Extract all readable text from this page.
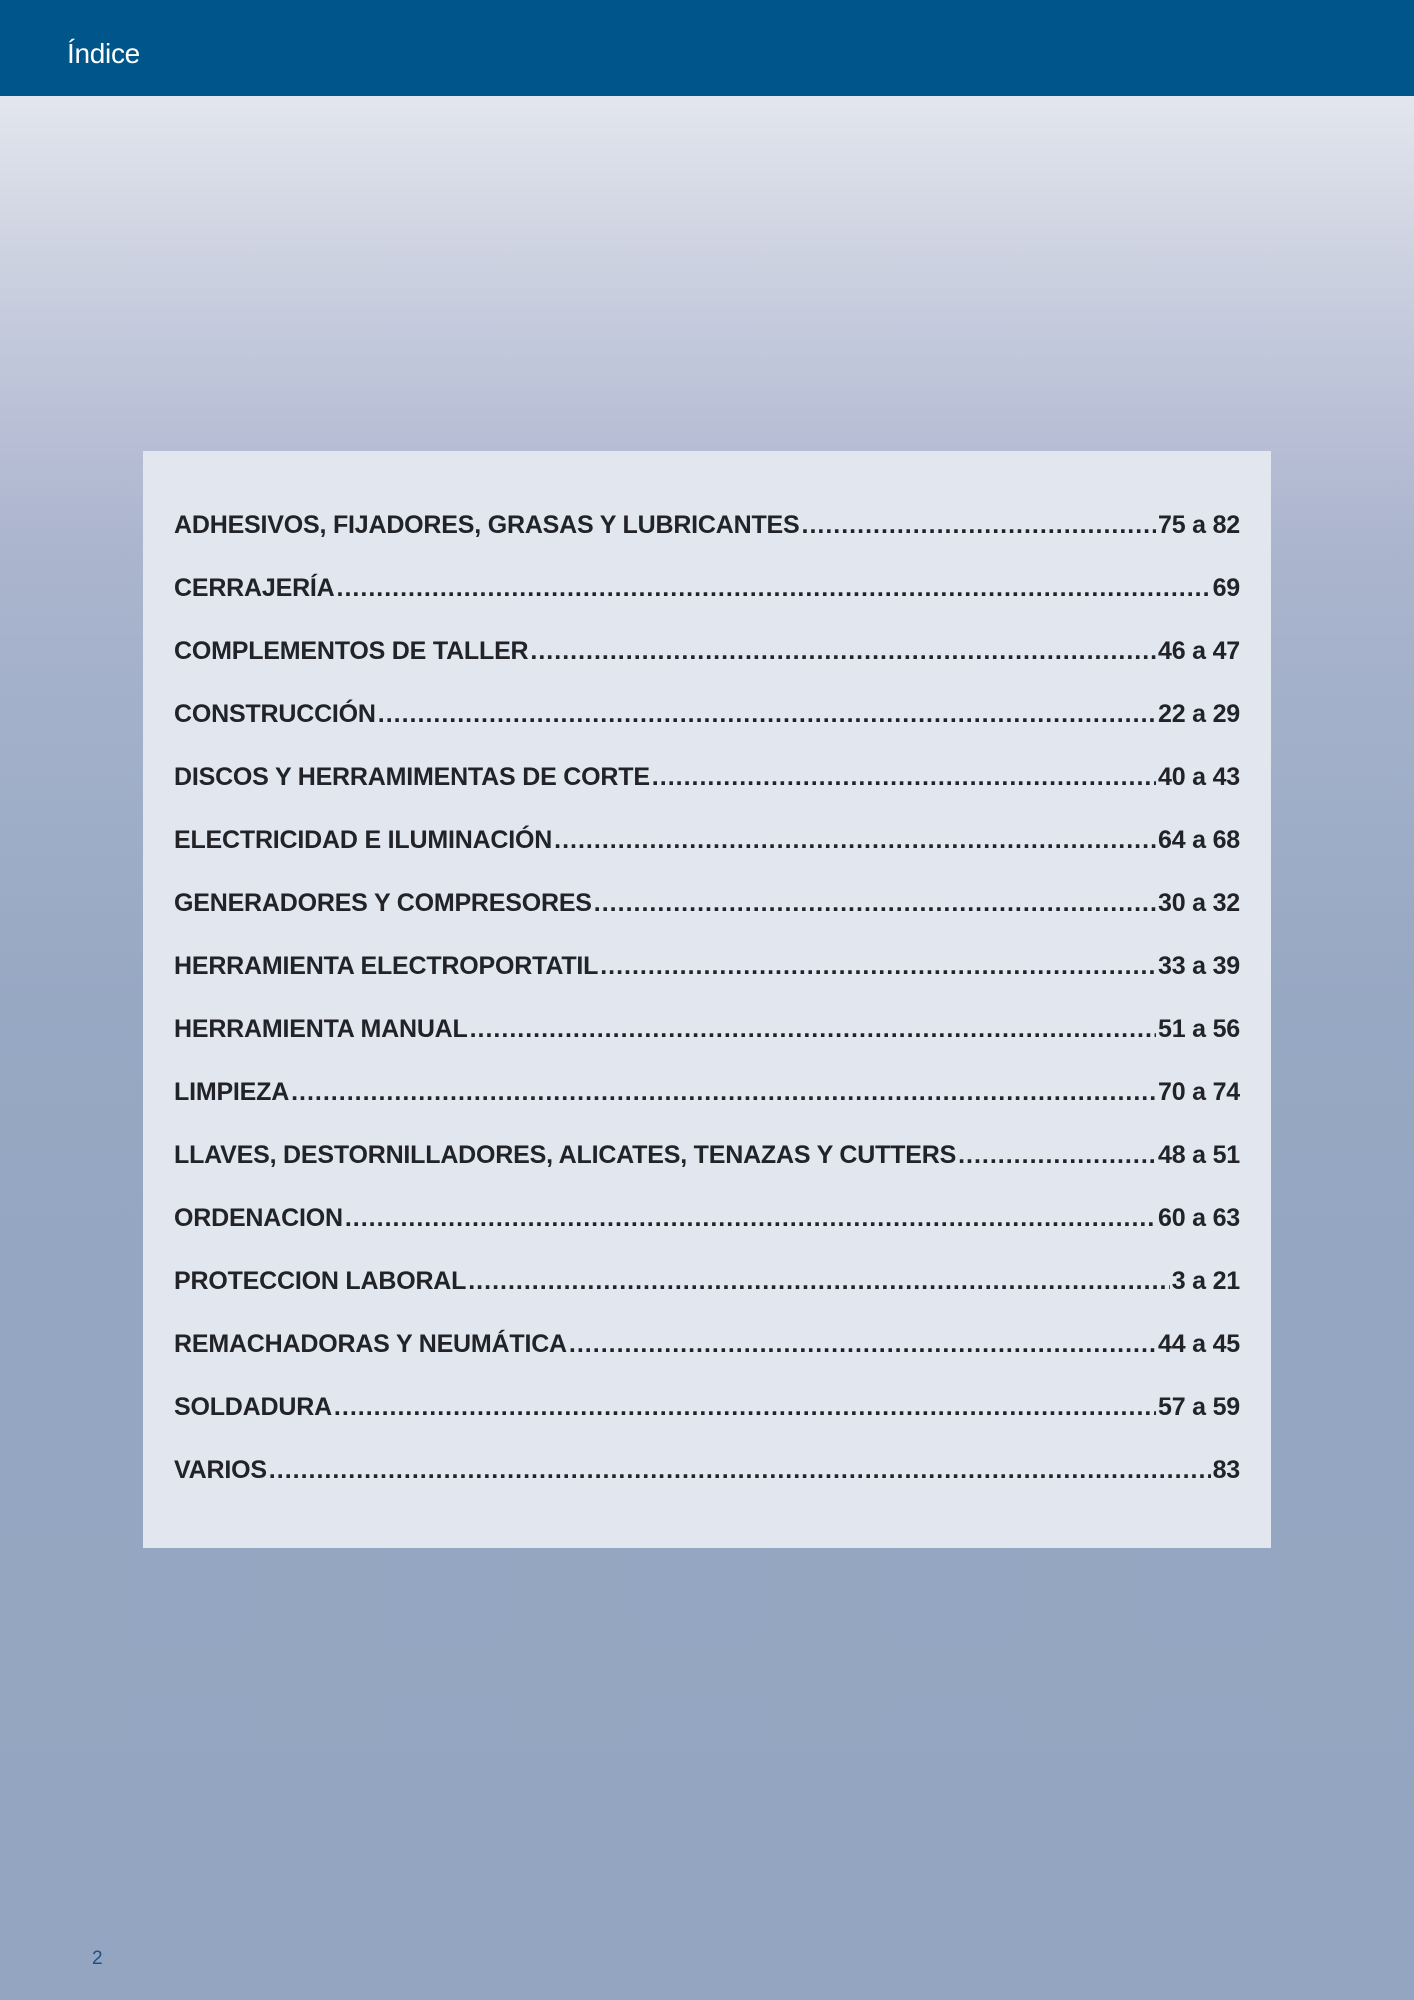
Índice
ADHESIVOS, FIJADORES, GRASAS Y LUBRICANTES .....	75 a 82
CERRAJERÍA .....	69
COMPLEMENTOS DE TALLER .....	46 a 47
CONSTRUCCIÓN .....	22 a 29
DISCOS Y HERRAMIMENTAS DE CORTE .....	40 a 43
ELECTRICIDAD E ILUMINACIÓN .....	64 a 68
GENERADORES Y COMPRESORES .....	30 a 32
HERRAMIENTA ELECTROPORTATIL .....	33 a 39
HERRAMIENTA MANUAL .....	51 a 56
LIMPIEZA .....	70 a 74
LLAVES, DESTORNILLADORES, ALICATES, TENAZAS Y CUTTERS .....	48 a 51
ORDENACION .....	60 a 63
PROTECCION LABORAL .....	3 a 21
REMACHADORAS Y NEUMÁTICA .....	44 a 45
SOLDADURA .....	57 a 59
VARIOS .....	83
2
